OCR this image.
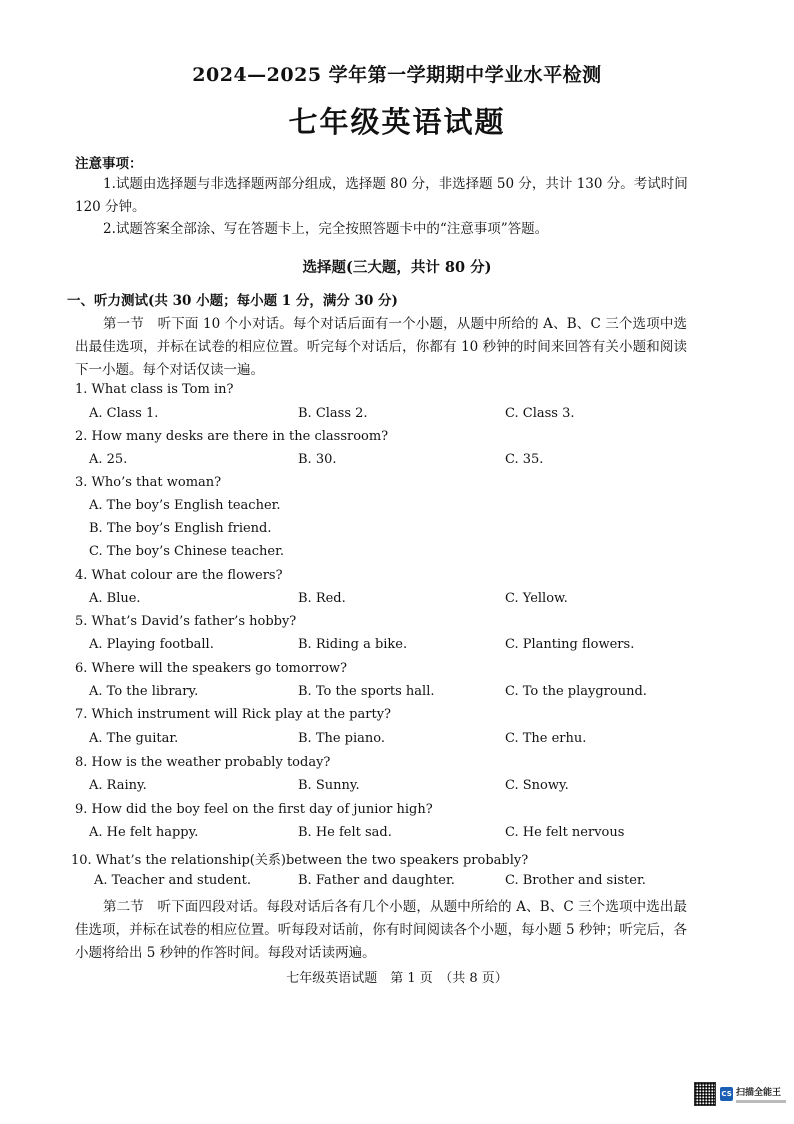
2024—2025 学年第一学期期中学业水平检测
七年级英语试题
注意事项：
1.试题由选择题与非选择题两部分组成，选择题 80 分，非选择题 50 分，共计 130 分。考试时间 120 分钟。
2.试题答案全部涂、写在答题卡上，完全按照答题卡中的“注意事项”答题。
选择题(三大题，共计 80 分)
一、听力测试(共 30 小题；每小题 1 分，满分 30 分)
第一节　听下面 10 个小对话。每个对话后面有一个小题，从题中所给的 A、B、C 三个选项中选出最佳选项，并标在试卷的相应位置。听完每个对话后，你都有 10 秒钟的时间来回答有关小题和阅读下一小题。每个对话仅读一遍。
1. What class is Tom in?
A. Class 1.	B. Class 2.	C. Class 3.
2. How many desks are there in the classroom?
A. 25.	B. 30.	C. 35.
3. Who’s that woman?
A. The boy’s English teacher.
B. The boy’s English friend.
C. The boy’s Chinese teacher.
4. What colour are the flowers?
A. Blue.	B. Red.	C. Yellow.
5. What’s David’s father’s hobby?
A. Playing football.	B. Riding a bike.	C. Planting flowers.
6. Where will the speakers go tomorrow?
A. To the library.	B. To the sports hall.	C. To the playground.
7. Which instrument will Rick play at the party?
A. The guitar.	B. The piano.	C. The erhu.
8. How is the weather probably today?
A. Rainy.	B. Sunny.	C. Snowy.
9. How did the boy feel on the first day of junior high?
A. He felt happy.	B. He felt sad.	C. He felt nervous
10. What’s the relationship(关系)between the two speakers probably?
A. Teacher and student.	B. Father and daughter.	C. Brother and sister.
第二节　听下面四段对话。每段对话后各有几个小题，从题中所给的 A、B、C 三个选项中选出最佳选项，并标在试卷的相应位置。听每段对话前，你有时间阅读各个小题，每小题 5 秒钟；听完后，各小题将给出 5 秒钟的作答时间。每段对话读两遍。
七年级英语试题　第 1 页　（共 8 页）
CS 扫描全能王
